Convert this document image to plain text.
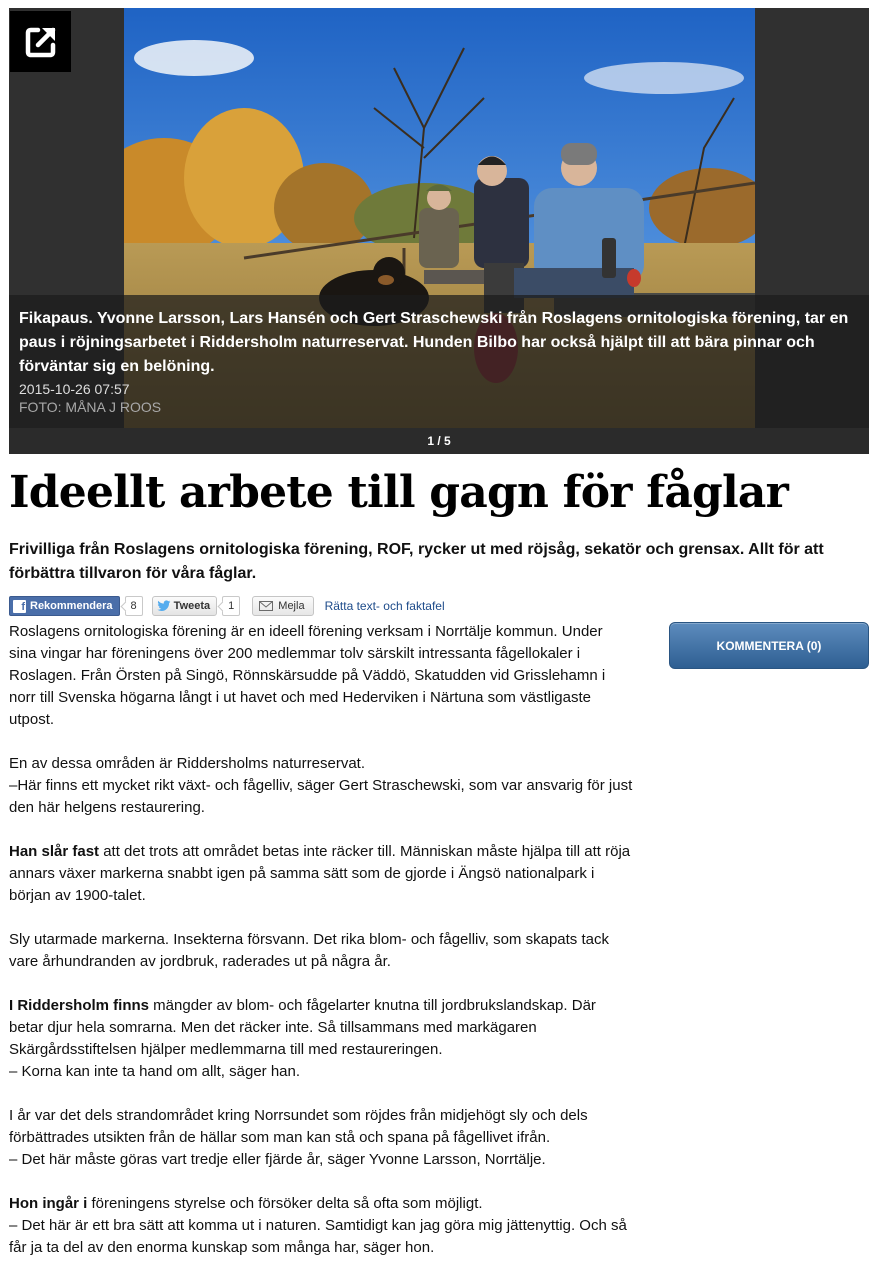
Fikapaus. Yvonne Larsson, Lars Hansén och Gert Straschewski från Roslagens ornitologiska förening, tar en paus i röjningsarbetet i Riddersholm naturreservat. Hunden Bilbo har också hjälpt till att bära pinnar och förväntar sig en belöning.
2015-10-26 07:57
FOTO: MÅNA J ROOS
1 / 5
Ideellt arbete till gagn för fåglar
Frivilliga från Roslagens ornitologiska förening, ROF, rycker ut med röjsåg, sekatör och grensax. Allt för att förbättra tillvaron för våra fåglar.
f Rekommendera	8	Tweeta	1	Mejla Rätta text- och faktafel
KOMMENTERA (0)

Roslagens ornitologiska förening är en ideell förening verksam i Norrtälje kommun. Under sina vingar har föreningens över 200 medlemmar tolv särskilt intressanta fågellokaler i Roslagen. Från Örsten på Singö, Rönnskärsudde på Väddö, Skatudden vid Grisslehamn i norr till Svenska högarna långt i ut havet och med Hederviken i Närtuna som västligaste utpost.

En av dessa områden är Riddersholms naturreservat.
–Här finns ett mycket rikt växt- och fågelliv, säger Gert Straschewski, som var ansvarig för just den här helgens restaurering.

Han slår fast att det trots att området betas inte räcker till. Människan måste hjälpa till att röja annars växer markerna snabbt igen på samma sätt som de gjorde i Ängsö nationalpark i början av 1900-talet.

Sly utarmade markerna. Insekterna försvann. Det rika blom- och fågelliv, som skapats tack vare århundranden av jordbruk, raderades ut på några år.

I Riddersholm finns mängder av blom- och fågelarter knutna till jordbrukslandskap. Där betar djur hela somrarna. Men det räcker inte. Så tillsammans med markägaren Skärgårdsstiftelsen hjälper medlemmarna till med restaureringen.
– Korna kan inte ta hand om allt, säger han.

I år var det dels strandområdet kring Norrsundet som röjdes från midjehögt sly och dels förbättrades utsikten från de hällar som man kan stå och spana på fågellivet ifrån.
– Det här måste göras vart tredje eller fjärde år, säger Yvonne Larsson, Norrtälje.

Hon ingår i föreningens styrelse och försöker delta så ofta som möjligt.
– Det här är ett bra sätt att komma ut i naturen. Samtidigt kan jag göra mig jättenyttig. Och så får ja ta del av den enorma kunskap som många har, säger hon.
